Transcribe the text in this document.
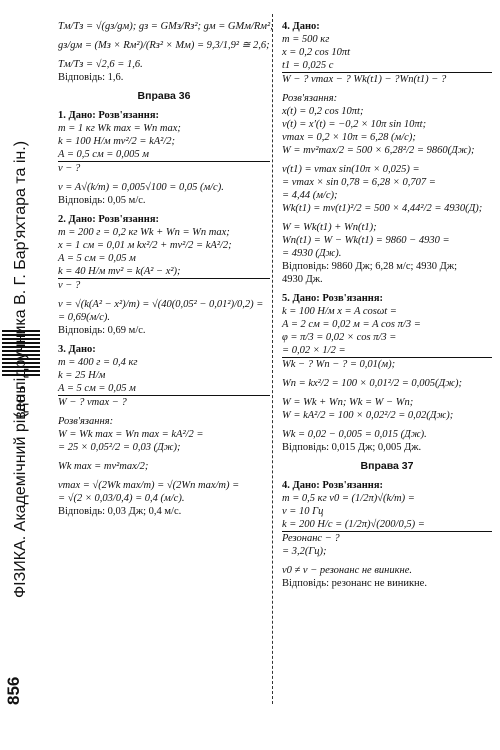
856
ФІЗИКА. Академічний рівень
(до підручника В. Г. Бар'яхтара та ін.)
Tм/Tз = √(gз/gм); gз = GMз/Rз²; gм = GMм/Rм²;
gз/gм = (Mз × Rм²)/(Rз² × Mм) = 9,3/1,9² ≅ 2,6;
Tм/Tз = √2,6 = 1,6.
Відповідь: 1,6.
Вправа 36
1. Дано: Розв'язання:
m = 1 кг Wk max = Wп max;
k = 100 Н/м mv²/2 = kA²/2;
A = 0,5 см = 0,005 м
v − ?
v = A√(k/m) = 0,005√100 = 0,05 (м/с).
Відповідь: 0,05 м/с.
2. Дано: Розв'язання:
m = 200 г = 0,2 кг Wk + Wп = Wп max;
x = 1 см = 0,01 м kx²/2 + mv²/2 = kA²/2;
A = 5 см = 0,05 м
k = 40 Н/м mv² = k(A² − x²);
v − ?
v = √(k(A² − x²)/m) = √(40(0,05² − 0,01²)/0,2) =
= 0,69(м/с).
Відповідь: 0,69 м/с.
3. Дано:
m = 400 г = 0,4 кг
k = 25 Н/м
A = 5 см = 0,05 м
W − ? vmax − ?
Розв'язання:
W = Wk max = Wп max = kA²/2 =
= 25 × 0,05²/2 = 0,03 (Дж);
Wk max = mv²max/2;
vmax = √(2Wk max/m) = √(2Wп max/m) =
= √(2 × 0,03/0,4) = 0,4 (м/с).
Відповідь: 0,03 Дж; 0,4 м/с.
4. Дано:
m = 500 кг
x = 0,2 cos 10πt
t1 = 0,025 с
W − ? vmax − ? Wk(t1) − ?Wп(t1) − ?
Розв'язання:
x(t) = 0,2 cos 10πt;
v(t) = x′(t) = −0,2 × 10π sin 10πt;
vmax = 0,2 × 10π = 6,28 (м/с);
W = mv²max/2 = 500 × 6,28²/2 = 9860(Дж);
v(t1) = vmax sin(10π × 0,025) =
= vmax × sin 0,78 = 6,28 × 0,707 =
= 4,44 (м/с);
Wk(t1) = mv(t1)²/2 = 500 × 4,44²/2 = 4930(Д);
W = Wk(t1) + Wп(t1);
Wп(t1) = W − Wk(t1) = 9860 − 4930 =
= 4930 (Дж).
Відповідь: 9860 Дж; 6,28 м/с; 4930 Дж;
4930 Дж.
5. Дано: Розв'язання:
k = 100 Н/м x = A cosωt =
A = 2 см = 0,02 м = A cos π/3 =
φ = π/3 = 0,02 × cos π/3 =
= 0,02 × 1/2 =
Wk − ? Wп − ? = 0,01(м);
Wп = kx²/2 = 100 × 0,01²/2 = 0,005(Дж);
W = Wk + Wп; Wk = W − Wп;
W = kA²/2 = 100 × 0,02²/2 = 0,02(Дж);
Wk = 0,02 − 0,005 = 0,015 (Дж).
Відповідь: 0,015 Дж; 0,005 Дж.
Вправа 37
4. Дано: Розв'язання:
m = 0,5 кг v0 = (1/2π)√(k/m) =
ν = 10 Гц
k = 200 Н/с = (1/2π)√(200/0,5) =
Резонанс − ?
= 3,2(Гц);
v0 ≠ v − резонанс не виникне.
Відповідь: резонанс не виникне.
